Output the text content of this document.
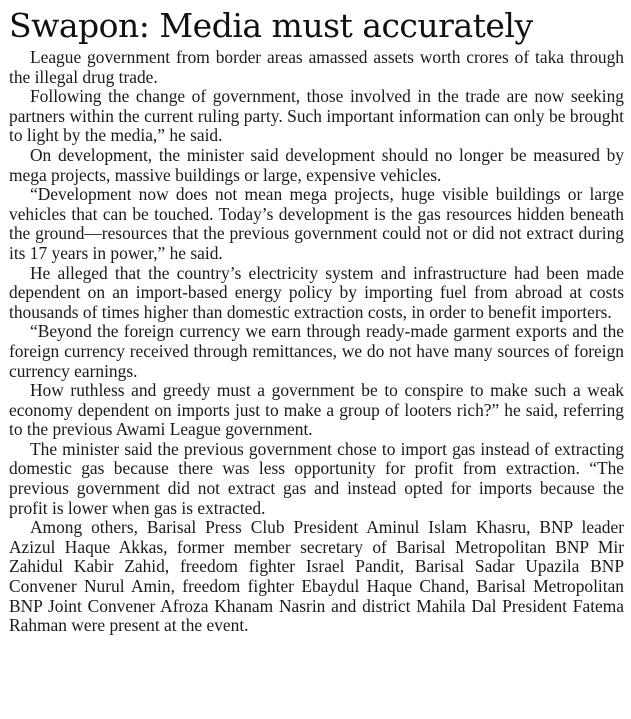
Swapon: Media must accurately

League government from border areas amassed assets worth crores of taka through the illegal drug trade.

Following the change of government, those involved in the trade are now seeking partners within the current ruling party. Such important information can only be brought to light by the media,” he said.

On development, the minister said development should no longer be measured by mega projects, massive buildings or large, expensive vehicles.

“Development now does not mean mega projects, huge visible buildings or large vehicles that can be touched. Today’s development is the gas resources hidden beneath the ground—resources that the previous government could not or did not extract during its 17 years in power,” he said.

He alleged that the country’s electricity system and infrastructure had been made dependent on an import-based energy policy by importing fuel from abroad at costs thousands of times higher than domestic extraction costs, in order to benefit importers.

“Beyond the foreign currency we earn through ready-made garment exports and the foreign currency received through remittances, we do not have many sources of foreign currency earnings.

How ruthless and greedy must a government be to conspire to make such a weak economy dependent on imports just to make a group of looters rich?” he said, referring to the previous Awami League government.

The minister said the previous government chose to import gas instead of extracting domestic gas because there was less opportunity for profit from extraction. “The previous government did not extract gas and instead opted for imports because the profit is lower when gas is extracted.

Among others, Barisal Press Club President Aminul Islam Khasru, BNP leader Azizul Haque Akkas, former member secretary of Barisal Metropolitan BNP Mir Zahidul Kabir Zahid, freedom fighter Israel Pandit, Barisal Sadar Upazila BNP Convener Nurul Amin, freedom fighter Ebaydul Haque Chand, Barisal Metropolitan BNP Joint Convener Afroza Khanam Nasrin and district Mahila Dal President Fatema Rahman were present at the event.
